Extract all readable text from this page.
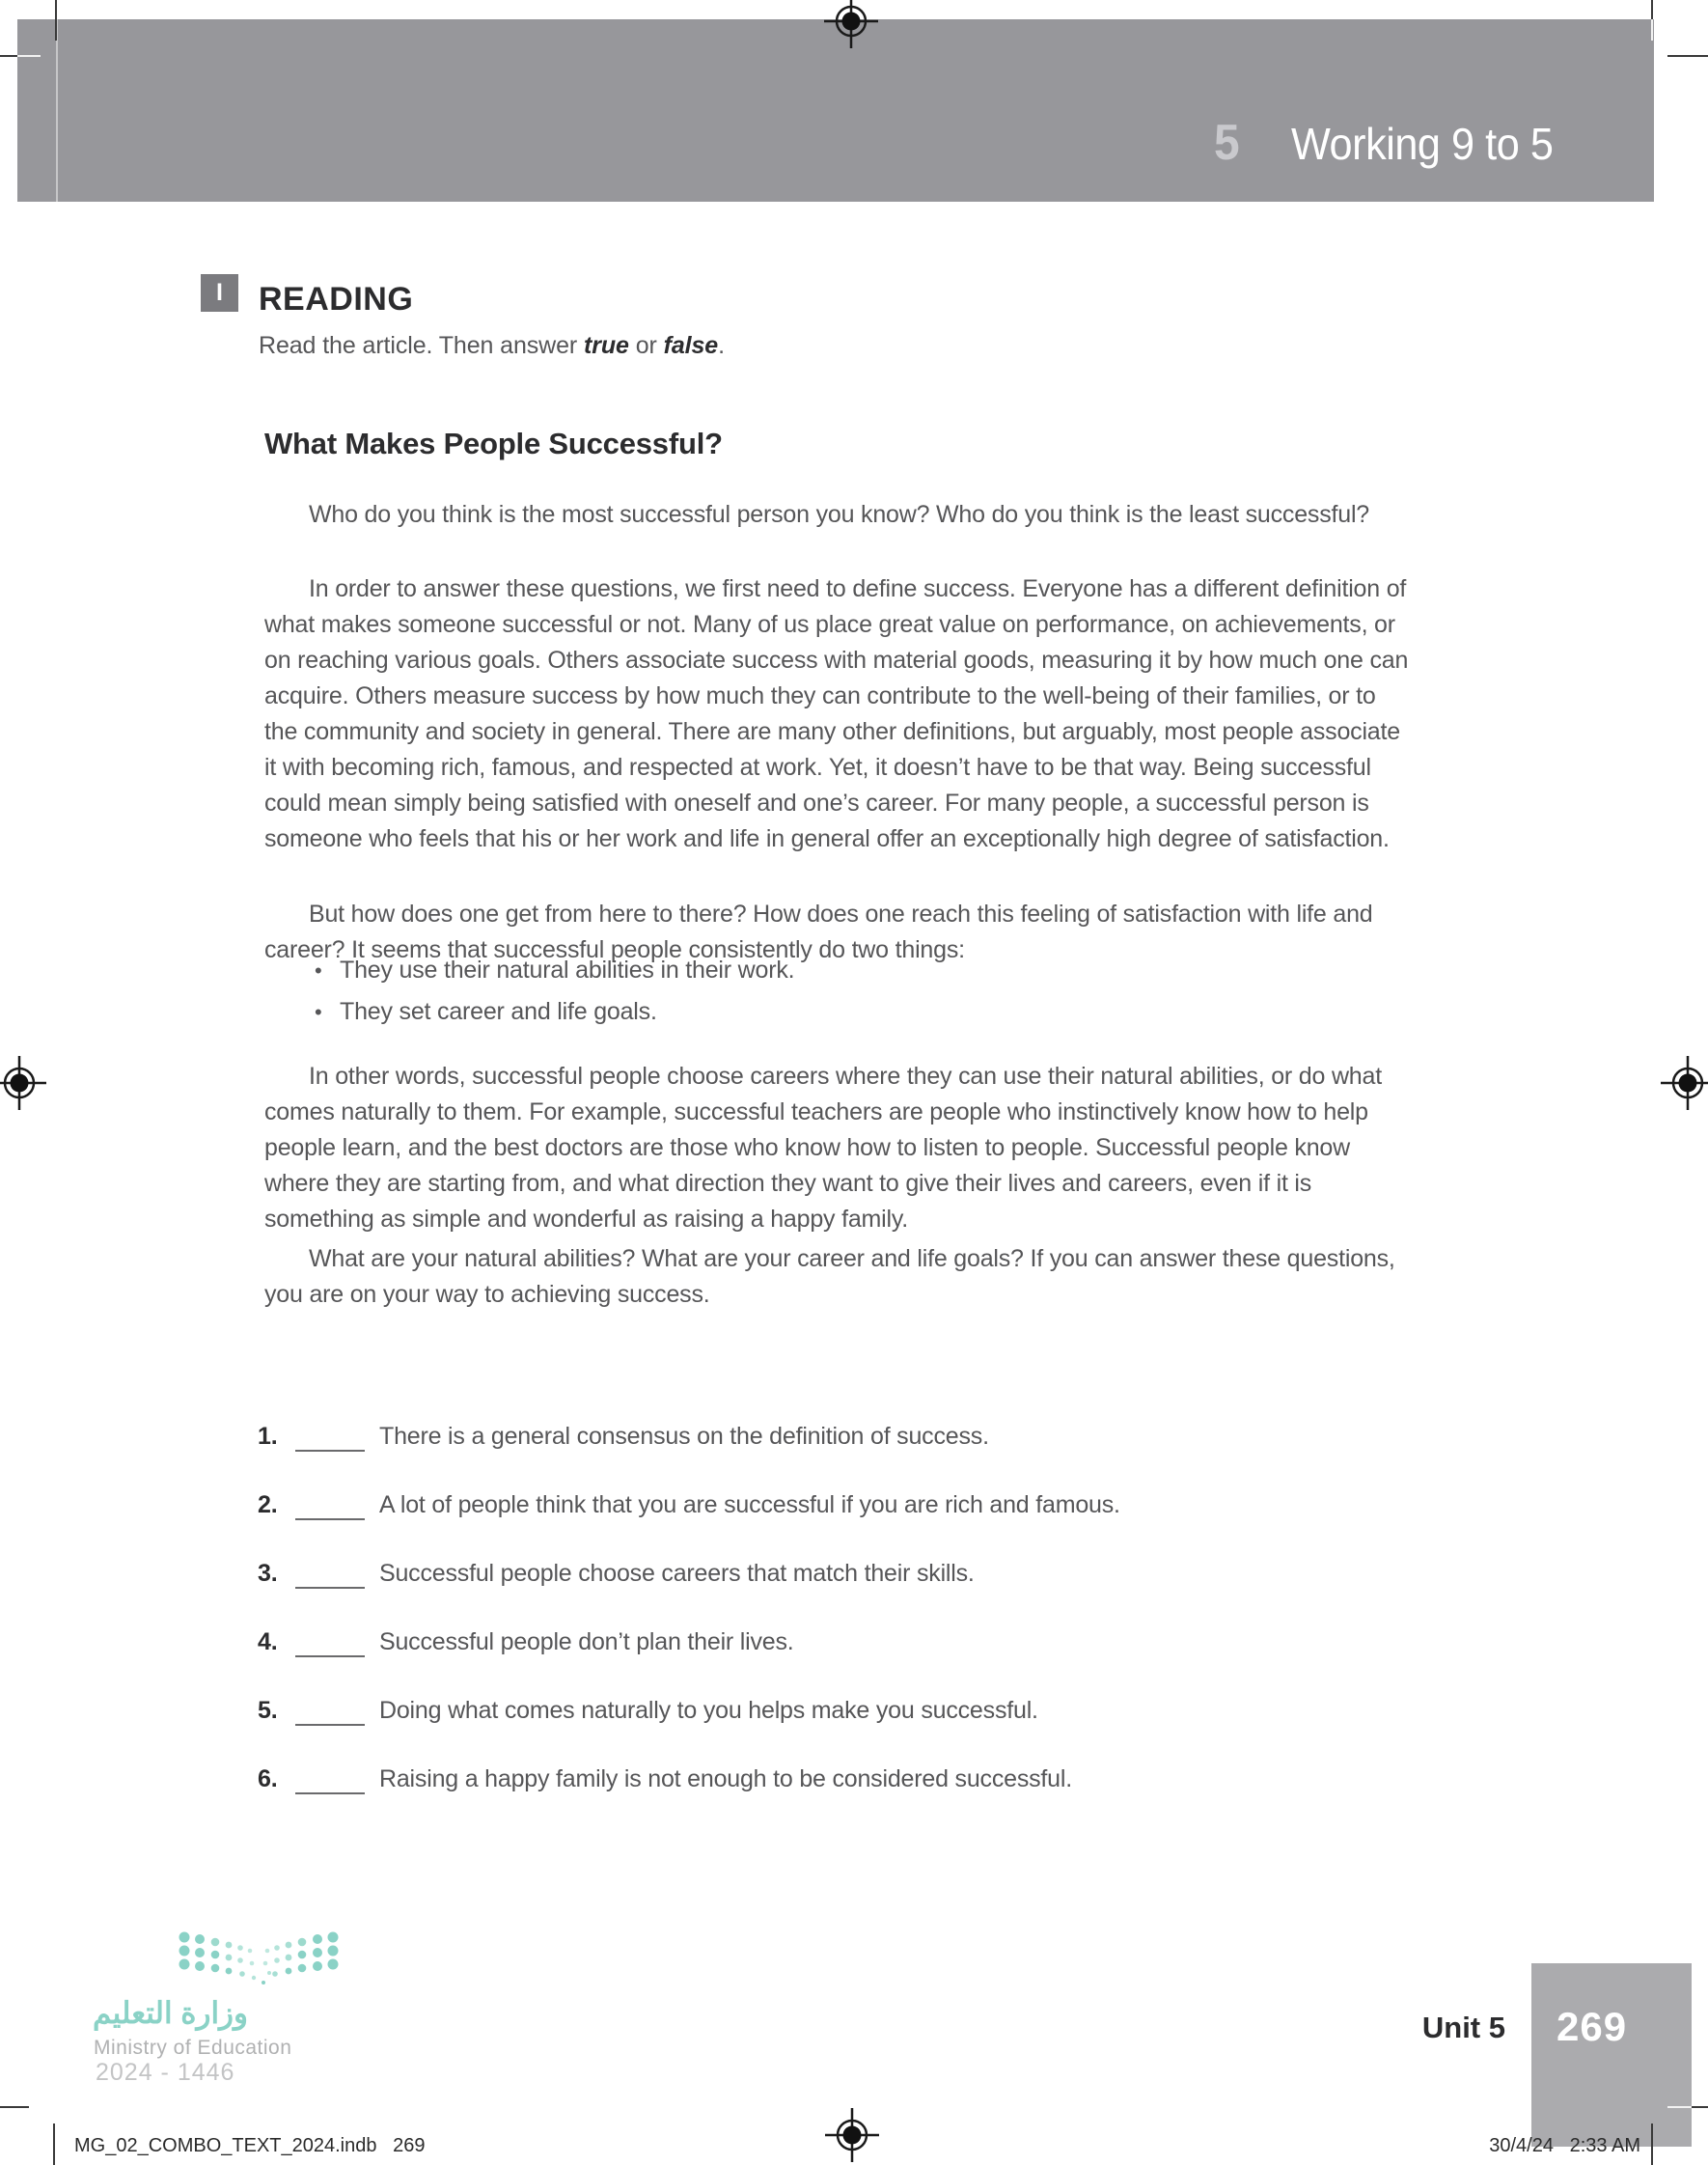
5 Working 9 to 5
I READING
Read the article. Then answer true or false.
What Makes People Successful?

Who do you think is the most successful person you know? Who do you think is the least successful?

In order to answer these questions, we first need to define success. Everyone has a different definition of what makes someone successful or not. Many of us place great value on performance, on achievements, or on reaching various goals. Others associate success with material goods, measuring it by how much one can acquire. Others measure success by how much they can contribute to the well-being of their families, or to the community and society in general. There are many other definitions, but arguably, most people associate it with becoming rich, famous, and respected at work. Yet, it doesn’t have to be that way. Being successful could mean simply being satisfied with oneself and one’s career. For many people, a successful person is someone who feels that his or her work and life in general offer an exceptionally high degree of satisfaction.

But how does one get from here to there? How does one reach this feeling of satisfaction with life and career? It seems that successful people consistently do two things:

•
They use their natural abilities in their work.
•
They set career and life goals.

In other words, successful people choose careers where they can use their natural abilities, or do what comes naturally to them. For example, successful teachers are people who instinctively know how to help people learn, and the best doctors are those who know how to listen to people. Successful people know where they are starting from, and what direction they want to give their lives and careers, even if it is something as simple and wonderful as raising a happy family.

What are your natural abilities? What are your career and life goals? If you can answer these questions, you are on your way to achieving success.

1.	There is a general consensus on the definition of success.
2.	A lot of people think that you are successful if you are rich and famous.
3.	Successful people choose careers that match their skills.
4.	Successful people don’t plan their lives.
5.	Doing what comes naturally to you helps make you successful.
6.	Raising a happy family is not enough to be considered successful.
وزارة التعليم
Ministry of Education
2024 - 1446
Unit 5 269
MG_02_COMBO_TEXT_2024.indb   269	30/4/24   2:33 AM
